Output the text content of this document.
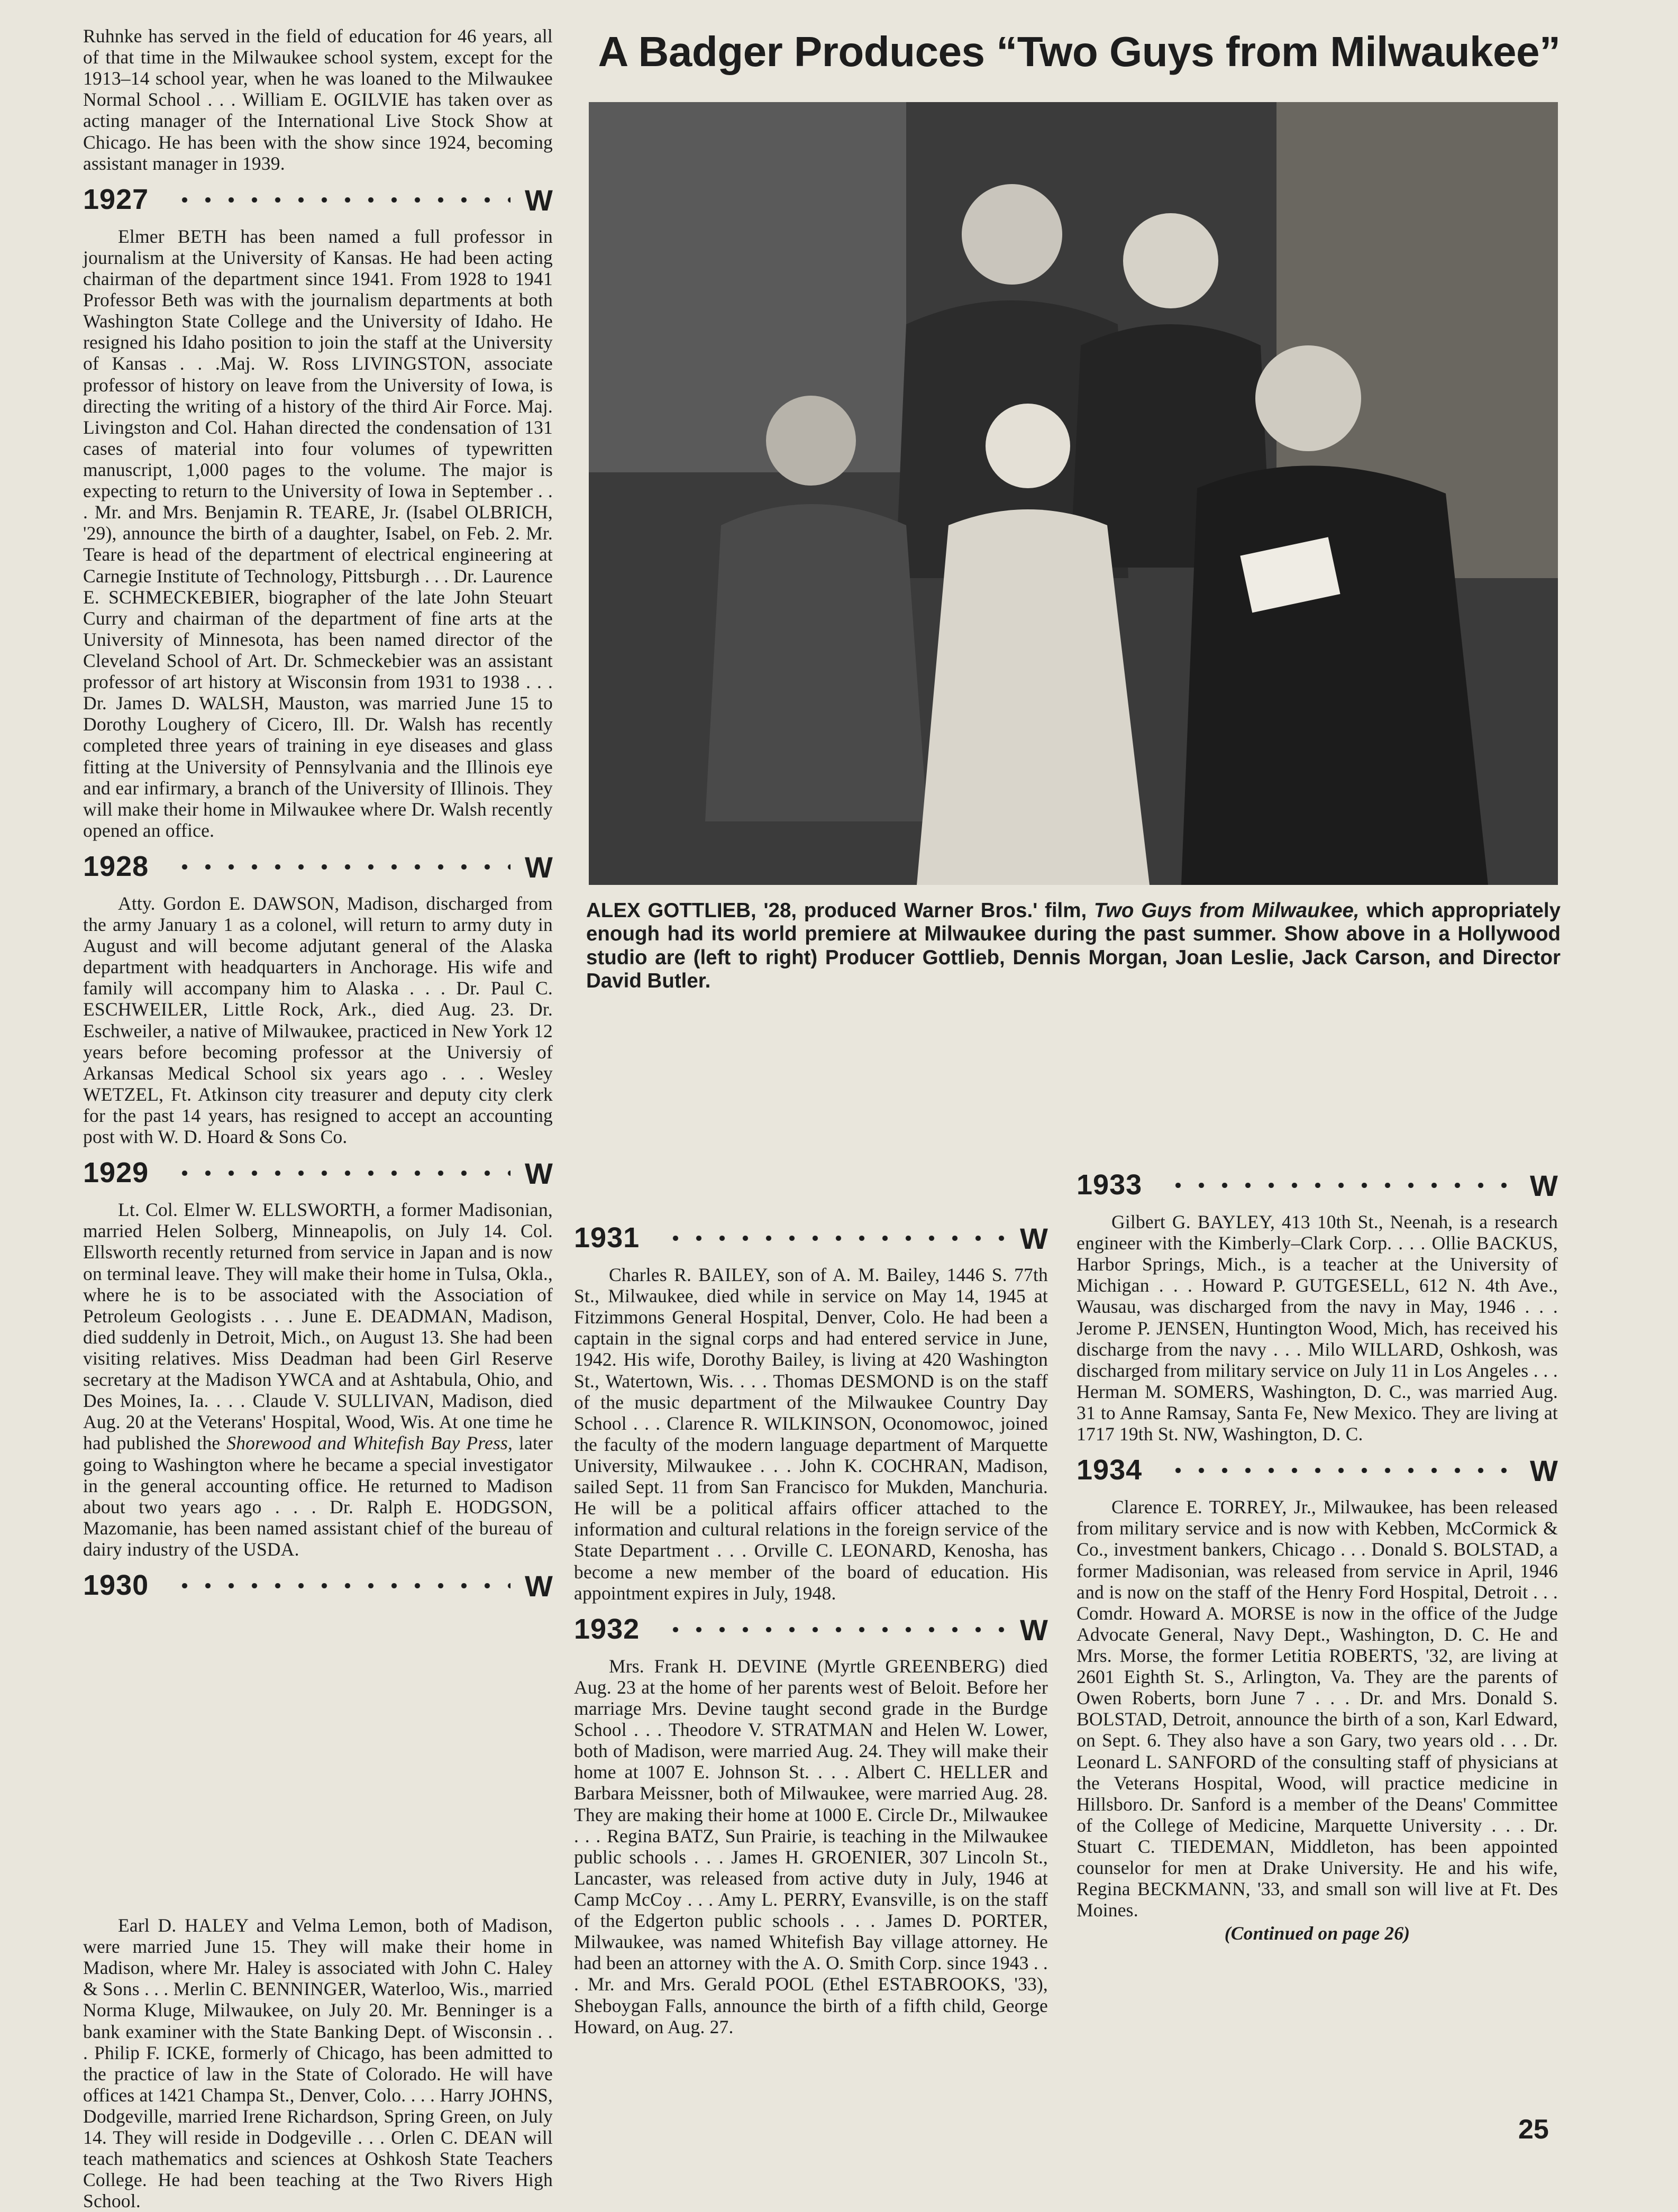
Ruhnke has served in the field of education for 46 years, all of that time in the Milwaukee school system, except for the 1913–14 school year, when he was loaned to the Milwaukee Normal School . . . William E. OGILVIE has taken over as acting manager of the International Live Stock Show at Chicago. He has been with the show since 1924, becoming assistant manager in 1939.

1927	W

Elmer BETH has been named a full professor in journalism at the University of Kansas. He had been acting chairman of the department since 1941. From 1928 to 1941 Professor Beth was with the journalism departments at both Washington State College and the University of Idaho. He resigned his Idaho position to join the staff at the University of Kansas . . .Maj. W. Ross LIVINGSTON, associate professor of history on leave from the University of Iowa, is directing the writing of a history of the third Air Force. Maj. Livingston and Col. Hahan directed the condensation of 131 cases of material into four volumes of typewritten manuscript, 1,000 pages to the volume. The major is expecting to return to the University of Iowa in September . . . Mr. and Mrs. Benjamin R. TEARE, Jr. (Isabel OLBRICH, '29), announce the birth of a daughter, Isabel, on Feb. 2. Mr. Teare is head of the department of electrical engineering at Carnegie Institute of Technology, Pittsburgh . . . Dr. Laurence E. SCHMECKEBIER, biographer of the late John Steuart Curry and chairman of the department of fine arts at the University of Minnesota, has been named director of the Cleveland School of Art. Dr. Schmeckebier was an assistant professor of art history at Wisconsin from 1931 to 1938 . . . Dr. James D. WALSH, Mauston, was married June 15 to Dorothy Loughery of Cicero, Ill. Dr. Walsh has recently completed three years of training in eye diseases and glass fitting at the University of Pennsylvania and the Illinois eye and ear infirmary, a branch of the University of Illinois. They will make their home in Milwaukee where Dr. Walsh recently opened an office.

1928	W

Atty. Gordon E. DAWSON, Madison, discharged from the army January 1 as a colonel, will return to army duty in August and will become adjutant general of the Alaska department with headquarters in Anchorage. His wife and family will accompany him to Alaska . . . Dr. Paul C. ESCHWEILER, Little Rock, Ark., died Aug. 23. Dr. Eschweiler, a native of Milwaukee, practiced in New York 12 years before becoming professor at the Universiy of Arkansas Medical School six years ago . . . Wesley WETZEL, Ft. Atkinson city treasurer and deputy city clerk for the past 14 years, has resigned to accept an accounting post with W. D. Hoard & Sons Co.

1929	W

Lt. Col. Elmer W. ELLSWORTH, a former Madisonian, married Helen Solberg, Minneapolis, on July 14. Col. Ellsworth recently returned from service in Japan and is now on terminal leave. They will make their home in Tulsa, Okla., where he is to be associated with the Association of Petroleum Geologists . . . June E. DEADMAN, Madison, died suddenly in Detroit, Mich., on August 13. She had been visiting relatives. Miss Deadman had been Girl Reserve secretary at the Madison YWCA and at Ashtabula, Ohio, and Des Moines, Ia. . . . Claude V. SULLIVAN, Madison, died Aug. 20 at the Veterans' Hospital, Wood, Wis. At one time he had published the Shorewood and Whitefish Bay Press, later going to Washington where he became a special investigator in the general accounting office. He returned to Madison about two years ago . . . Dr. Ralph E. HODGSON, Mazomanie, has been named assistant chief of the bureau of dairy industry of the USDA.

1930	W

Earl D. HALEY and Velma Lemon, both of Madison, were married June 15. They will make their home in Madison, where Mr. Haley is associated with John C. Haley & Sons . . . Merlin C. BENNINGER, Waterloo, Wis., married Norma Kluge, Milwaukee, on July 20. Mr. Benninger is a bank examiner with the State Banking Dept. of Wisconsin . . . Philip F. ICKE, formerly of Chicago, has been admitted to the practice of law in the State of Colorado. He will have offices at 1421 Champa St., Denver, Colo. . . . Harry JOHNS, Dodgeville, married Irene Richardson, Spring Green, on July 14. They will reside in Dodgeville . . . Orlen C. DEAN will teach mathematics and sciences at Oshkosh State Teachers College. He had been teaching at the Two Rivers High School.

A Badger Produces “Two Guys from Milwaukee”
ALEX GOTTLIEB, '28, produced Warner Bros.' film, Two Guys from Milwaukee, which appropriately enough had its world premiere at Milwaukee during the past summer. Show above in a Hollywood studio are (left to right) Producer Gottlieb, Dennis Morgan, Joan Leslie, Jack Carson, and Director David Butler.
1931	W

Charles R. BAILEY, son of A. M. Bailey, 1446 S. 77th St., Milwaukee, died while in service on May 14, 1945 at Fitzimmons General Hospital, Denver, Colo. He had been a captain in the signal corps and had entered service in June, 1942. His wife, Dorothy Bailey, is living at 420 Washington St., Watertown, Wis. . . . Thomas DESMOND is on the staff of the music department of the Milwaukee Country Day School . . . Clarence R. WILKINSON, Oconomowoc, joined the faculty of the modern language department of Marquette University, Milwaukee . . . John K. COCHRAN, Madison, sailed Sept. 11 from San Francisco for Mukden, Manchuria. He will be a political affairs officer attached to the information and cultural relations in the foreign service of the State Department . . . Orville C. LEONARD, Kenosha, has become a new member of the board of education. His appointment expires in July, 1948.

1932	W

Mrs. Frank H. DEVINE (Myrtle GREENBERG) died Aug. 23 at the home of her parents west of Beloit. Before her marriage Mrs. Devine taught second grade in the Burdge School . . . Theodore V. STRATMAN and Helen W. Lower, both of Madison, were married Aug. 24. They will make their home at 1007 E. Johnson St. . . . Albert C. HELLER and Barbara Meissner, both of Milwaukee, were married Aug. 28. They are making their home at 1000 E. Circle Dr., Milwaukee . . . Regina BATZ, Sun Prairie, is teaching in the Milwaukee public schools . . . James H. GROENIER, 307 Lincoln St., Lancaster, was released from active duty in July, 1946 at Camp McCoy . . . Amy L. PERRY, Evansville, is on the staff of the Edgerton public schools . . . James D. PORTER, Milwaukee, was named Whitefish Bay village attorney. He had been an attorney with the A. O. Smith Corp. since 1943 . . . Mr. and Mrs. Gerald POOL (Ethel ESTABROOKS, '33), Sheboygan Falls, announce the birth of a fifth child, George Howard, on Aug. 27.

1933	W

Gilbert G. BAYLEY, 413 10th St., Neenah, is a research engineer with the Kimberly–Clark Corp. . . . Ollie BACKUS, Harbor Springs, Mich., is a teacher at the University of Michigan . . . Howard P. GUTGESELL, 612 N. 4th Ave., Wausau, was discharged from the navy in May, 1946 . . . Jerome P. JENSEN, Huntington Wood, Mich, has received his discharge from the navy . . . Milo WILLARD, Oshkosh, was discharged from military service on July 11 in Los Angeles . . . Herman M. SOMERS, Washington, D. C., was married Aug. 31 to Anne Ramsay, Santa Fe, New Mexico. They are living at 1717 19th St. NW, Washington, D. C.

1934	W

Clarence E. TORREY, Jr., Milwaukee, has been released from military service and is now with Kebben, McCormick & Co., investment bankers, Chicago . . . Donald S. BOLSTAD, a former Madisonian, was released from service in April, 1946 and is now on the staff of the Henry Ford Hospital, Detroit . . . Comdr. Howard A. MORSE is now in the office of the Judge Advocate General, Navy Dept., Washington, D. C. He and Mrs. Morse, the former Letitia ROBERTS, '32, are living at 2601 Eighth St. S., Arlington, Va. They are the parents of Owen Roberts, born June 7 . . . Dr. and Mrs. Donald S. BOLSTAD, Detroit, announce the birth of a son, Karl Edward, on Sept. 6. They also have a son Gary, two years old . . . Dr. Leonard L. SANFORD of the consulting staff of physicians at the Veterans Hospital, Wood, will practice medicine in Hillsboro. Dr. Sanford is a member of the Deans' Committee of the College of Medicine, Marquette University . . . Dr. Stuart C. TIEDEMAN, Middleton, has been appointed counselor for men at Drake University. He and his wife, Regina BECKMANN, '33, and small son will live at Ft. Des Moines.

(Continued on page 26)

25
